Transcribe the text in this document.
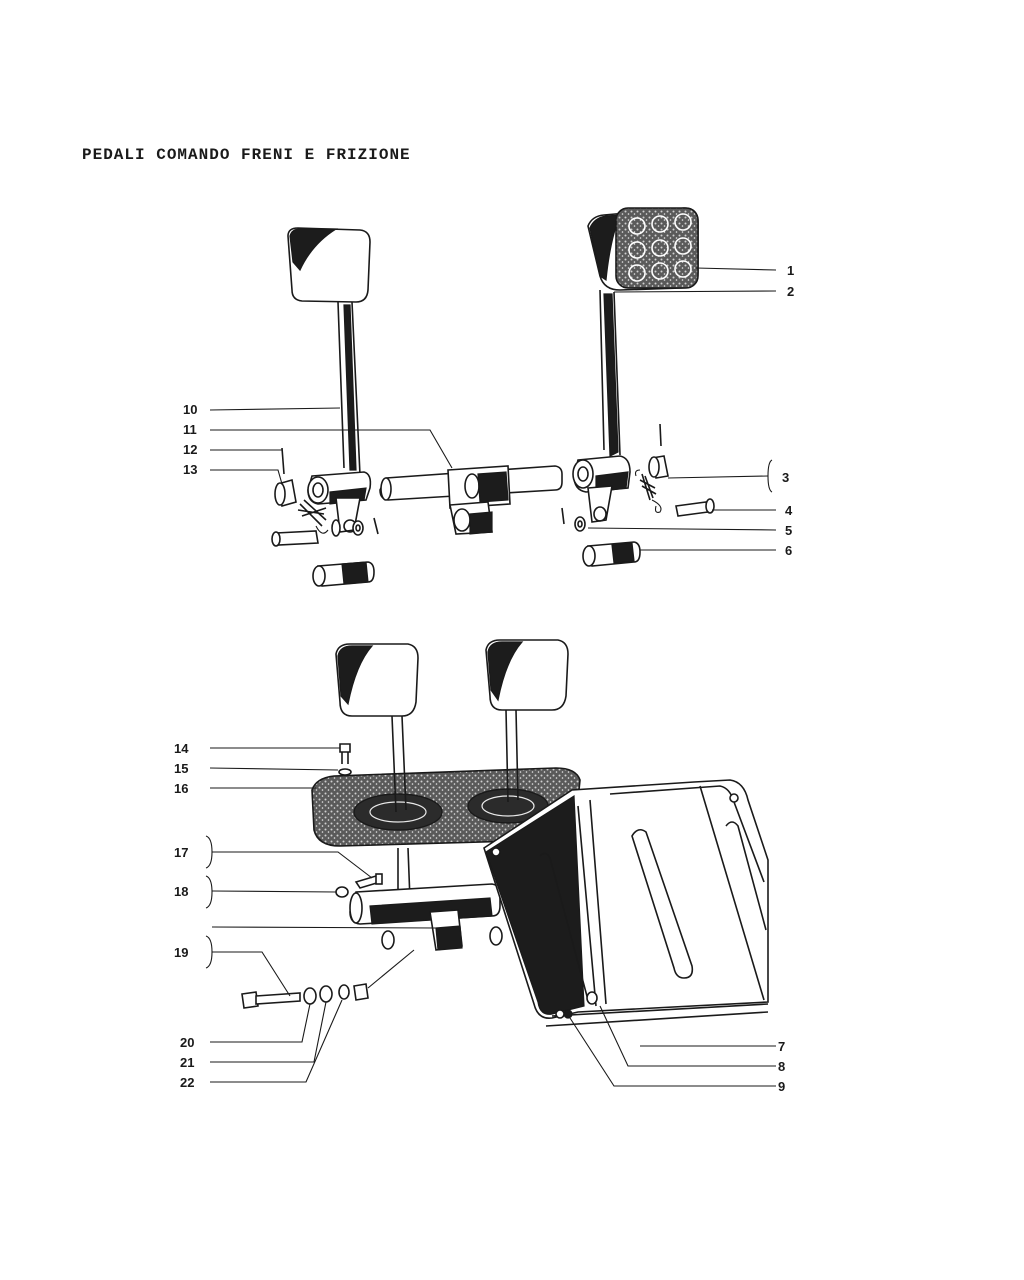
PEDALI COMANDO FRENI E FRIZIONE
1
2
3
4
5
6
7
8
9
10
11
12
13
14
15
16
17
18
19
20
21
22
